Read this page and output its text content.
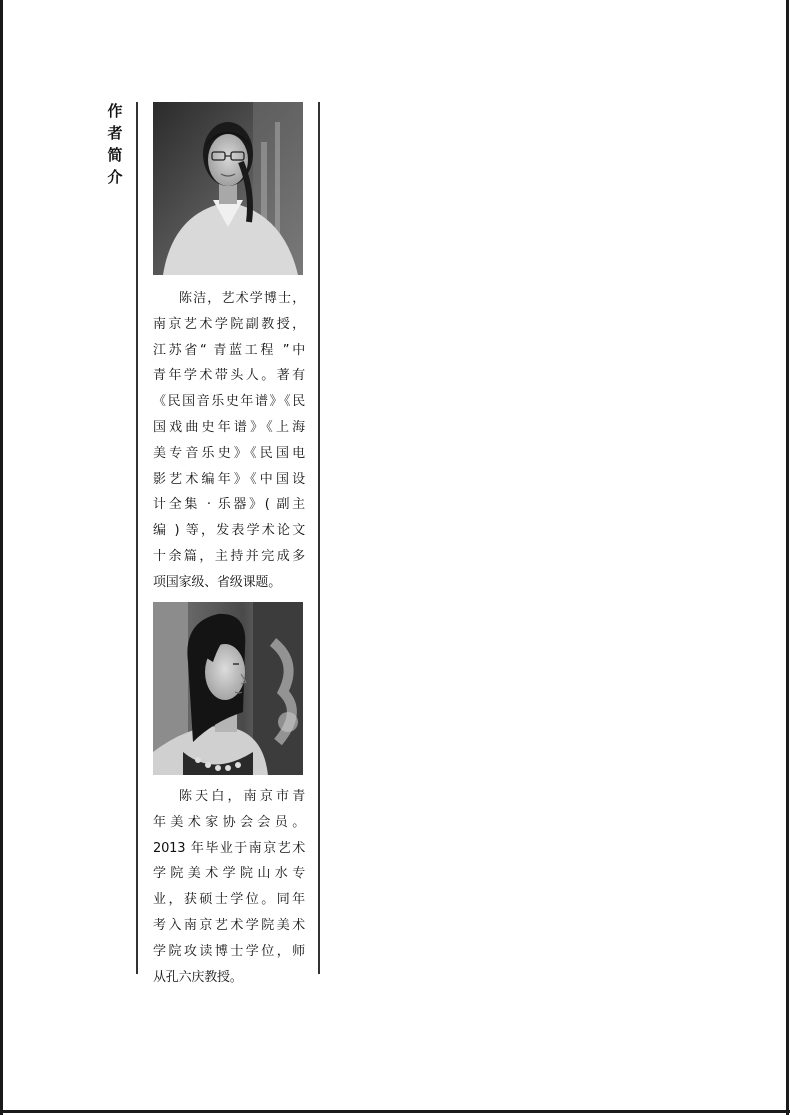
作
者
简
介
陈洁，艺术学博士，
南京艺术学院副教授，
江苏省“ 青蓝工程 ”中
青年学术带头人。著有
《民国音乐史年谱》《民
国戏曲史年谱》《上海
美专音乐史》《民国电
影艺术编年》《中国设
计全集 · 乐器》( 副主
编 ) 等，发表学术论文
十余篇，主持并完成多
项国家级、省级课题。
陈天白，南京市青
年美术家协会会员。
2013 年毕业于南京艺术
学院美术学院山水专
业，获硕士学位。同年
考入南京艺术学院美术
学院攻读博士学位，师
从孔六庆教授。
